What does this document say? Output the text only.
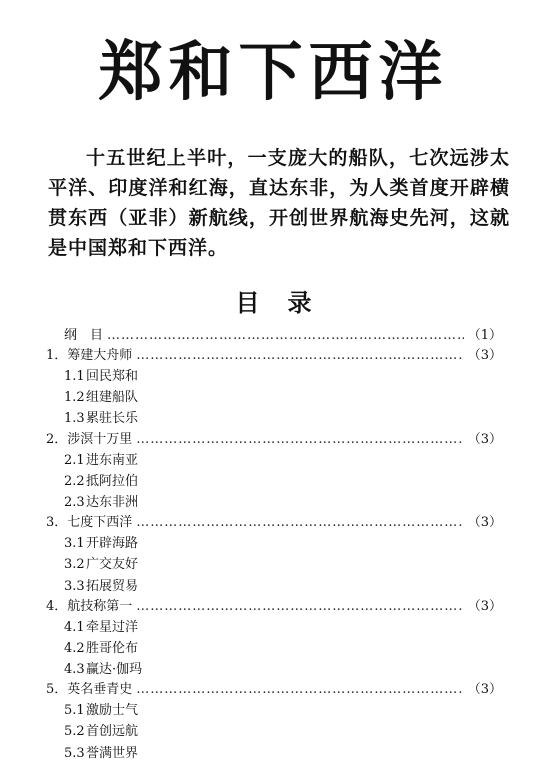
郑和下西洋

十五世纪上半叶，一支庞大的船队，七次远涉太平洋、印度洋和红海，直达东非，为人类首度开辟横贯东西（亚非）新航线，开创世界航海史先河，这就是中国郑和下西洋。

目录
纲　目 ………………………………………………………………………………………………………………………………………	（1）
1． 筹建大舟师 ………………………………………………………………………………………………………………………………………	（3）
1.1 回民郑和
1.2 组建船队
1.3 累驻长乐
2． 涉溟十万里 ………………………………………………………………………………………………………………………………………	（3）
2.1 进东南亚
2.2 抵阿拉伯
2.3 达东非洲
3． 七度下西洋 ………………………………………………………………………………………………………………………………………	（3）
3.1 开辟海路
3.2 广交友好
3.3 拓展贸易
4． 航技称第一 ………………………………………………………………………………………………………………………………………	（3）
4.1 牵星过洋
4.2 胜哥伦布
4.3 赢达·伽玛
5． 英名垂青史 ………………………………………………………………………………………………………………………………………	（3）
5.1 激励士气
5.2 首创远航
5.3 誉满世界
